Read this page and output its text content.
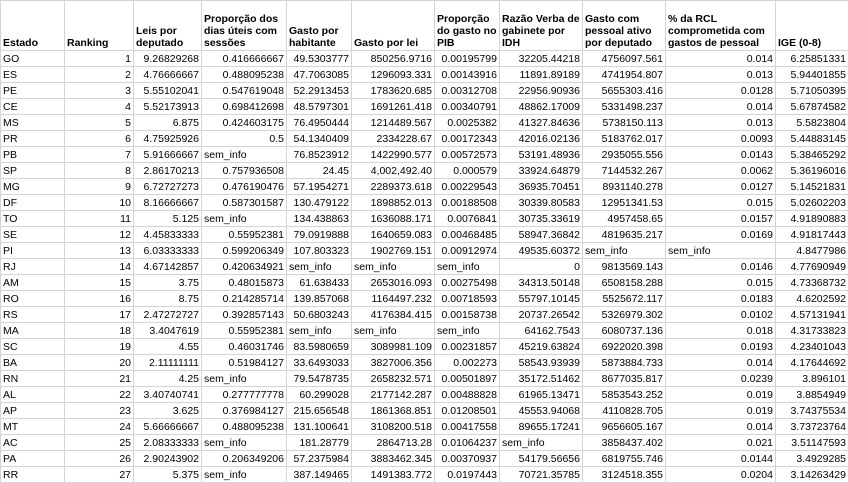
Estado	Ranking	Leis por deputado	Proporção dos dias úteis com sessões	Gasto por habitante	Gasto por lei	Proporção do gasto no PIB	Razão Verba de gabinete por IDH	Gasto com pessoal ativo por deputado	% da RCL comprometida com gastos de pessoal	IGE (0-8)
GO	1	9.26829268	0.416666667	49.5303777	850256.9716	0.00195799	32205.44218	4756097.561	0.014	6.25851331
ES	2	4.76666667	0.488095238	47.7063085	1296093.331	0.00143916	11891.89189	4741954.807	0.013	5.94401855
PE	3	5.55102041	0.547619048	52.2913453	1783620.685	0.00312708	22956.90936	5655303.416	0.0128	5.71050395
CE	4	5.52173913	0.698412698	48.5797301	1691261.418	0.00340791	48862.17009	5331498.237	0.014	5.67874582
MS	5	6.875	0.424603175	76.4950444	1214489.567	0.0025382	41327.84636	5738150.113	0.013	5.5823804
PR	6	4.75925926	0.5	54.1340409	2334228.67	0.00172343	42016.02136	5183762.017	0.0093	5.44883145
PB	7	5.91666667	sem_info	76.8523912	1422990.577	0.00572573	53191.48936	2935055.556	0.0143	5.38465292
SP	8	2.86170213	0.757936508	24.45	4,002,492.40	0.000579	33924.64879	7144532.267	0.0062	5.36196016
MG	9	6.72727273	0.476190476	57.1954271	2289373.618	0.00229543	36935.70451	8931140.278	0.0127	5.14521831
DF	10	8.16666667	0.587301587	130.479122	1898852.013	0.00188508	30339.80583	12951341.53	0.015	5.02602203
TO	11	5.125	sem_info	134.438863	1636088.171	0.0076841	30735.33619	4957458.65	0.0157	4.91890883
SE	12	4.45833333	0.55952381	79.0919888	1640659.083	0.00468485	58947.36842	4819635.217	0.0169	4.91817443
PI	13	6.03333333	0.599206349	107.803323	1902769.151	0.00912974	49535.60372	sem_info	sem_info	4.8477986
RJ	14	4.67142857	0.420634921	sem_info	sem_info	sem_info	0	9813569.143	0.0146	4.77690949
AM	15	3.75	0.48015873	61.638433	2653016.093	0.00275498	34313.50148	6508158.288	0.015	4.73368732
RO	16	8.75	0.214285714	139.857068	1164497.232	0.00718593	55797.10145	5525672.117	0.0183	4.6202592
RS	17	2.47272727	0.392857143	50.6803243	4176384.415	0.00158738	20737.26542	5326979.302	0.0102	4.57131941
MA	18	3.4047619	0.55952381	sem_info	sem_info	sem_info	64162.7543	6080737.136	0.018	4.31733823
SC	19	4.55	0.46031746	83.5980659	3089981.109	0.00231857	45219.63824	6922020.398	0.0193	4.23401043
BA	20	2.11111111	0.51984127	33.6493033	3827006.356	0.002273	58543.93939	5873884.733	0.014	4.17644692
RN	21	4.25	sem_info	79.5478735	2658232.571	0.00501897	35172.51462	8677035.817	0.0239	3.896101
AL	22	3.40740741	0.277777778	60.299028	2177142.287	0.00488828	61965.13471	5853543.252	0.019	3.8854949
AP	23	3.625	0.376984127	215.656548	1861368.851	0.01208501	45553.94068	4110828.705	0.019	3.74375534
MT	24	5.66666667	0.488095238	131.100641	3108200.518	0.00417558	89655.17241	9656605.167	0.014	3.73723764
AC	25	2.08333333	sem_info	181.28779	2864713.28	0.01064237	sem_info	3858437.402	0.021	3.51147593
PA	26	2.90243902	0.206349206	57.2375984	3883462.345	0.00370937	54179.56656	6819755.746	0.0144	3.4929285
RR	27	5.375	sem_info	387.149465	1491383.772	0.0197443	70721.35785	3124518.355	0.0204	3.14263429
